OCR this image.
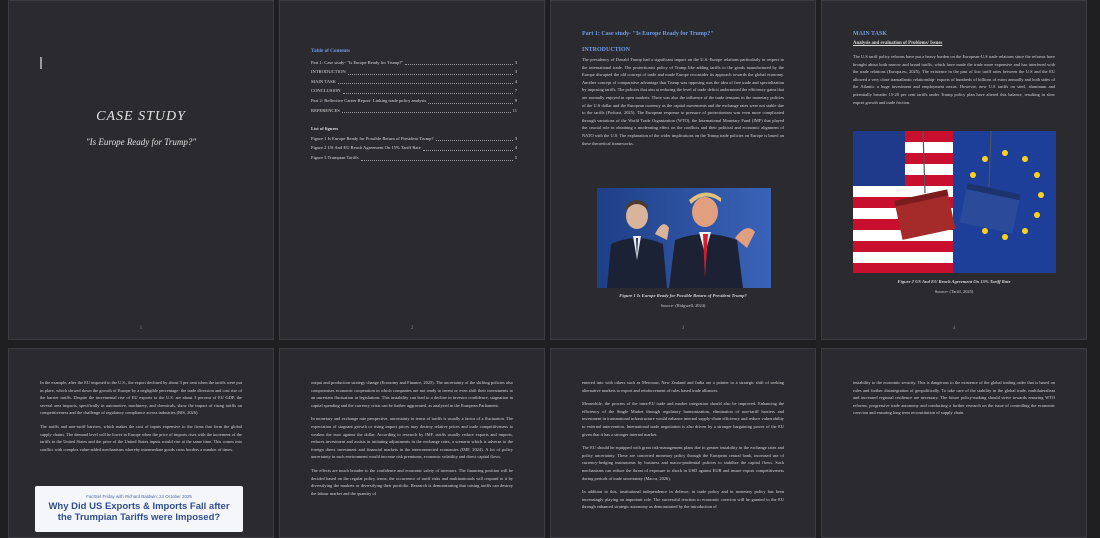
CASE STUDY
"Is Europe Ready for Trump?"
1
Table of Contents
Part 1: Case study- "Is Europe Ready for Trump?"	3
INTRODUCTION	3
MAIN TASK	4
CONCLUSION	7
Part 2: Reflective Career Report- Linking trade policy analysis	9
REFERENCES	11
List of figures
Figure 1 Is Europe Ready for Possible Return of President Trump?	3
Figure 2 US And EU Reach Agreement On 15% Tariff Rate	4
Figure 3 Trumpian Tariffs	5
2
Part 1: Case study- "Is Europe Ready for Trump?"
INTRODUCTION
The presidency of Donald Trump had a significant impact on the U.S.-Europe relations particularly in respect to the international trade. The protectionist policy of Trump like adding tariffs to the goods manufactured by the Europe disrupted the old concept of trade and made Europe reconsider its approach towards the global economy. Another concept of comparative advantage that Trump was opposing was the idea of free trade and specialization by imposing tariffs. The policies that aim at reducing the level of trade deficit undermined the efficiency gains that are normally enjoyed in open markets. There was also the influence of the trade tensions in the monetary policies of the U.S dollar and the European currency as the capital movements and the exchange rates were not stable due to the tariffs (Podcast, 2025). The European response to pressure of protectionism was even more complicated through variations of the World Trade Organization (WTO), the International Monetary Fund (IMF) that played the crucial role in obtaining a moderating effect on the conflicts and their political and economic alignment of NATO with the U.S. The explanation of the wider implications on the Trump trade policies on Europe is based on these theoretical frameworks.
Figure 1 Is Europe Ready for Possible Return of President Trump?
Source- (Ridgwell, 2024)
3
MAIN TASK
Analysis and evaluation of Problems/ Issues
The U.S tariff policy reforms have put a heavy burden on the European-U.S trade relations since the reforms have brought about both narrow and broad tariffs, which have made the trade more expensive and has interfered with the trade relations (Europa.eu, 2025). The existence in the past of low tariff rates between the U.S and the EU allowed a very close transatlantic relationship- exports of hundreds of billions of euros annually and both sides of the Atlantic a huge investment and employment nexus. However, new U.S tariffs on steel, aluminum and potentially broader 15-20 per cent tariffs under Trump policy plan have altered this balance, resulting in slow export growth and trade friction.
Figure 2 US And EU Reach Agreement On 15% Tariff Rate
Source- (Tariff, 2025)
4

In the example, after the EU imposed to the U.S., the export declined by about 3 per cent when the tariffs were put in place, which slowed down the growth of Europe by a negligible percentage- the trade diversion and cost rise of the barrier tariffs. Despite the incremental rise of EU exports to the U.S. are about 3 percent of EU GDP, the several area impacts, specifically in automotive, machinery, and chemicals, show the impact of rising tariffs on competitiveness and the challenge of regulatory compliance across industries (BIS, 2026).

The tariffs and non-tariff barriers, which makes the cost of inputs expensive to the firms that form the global supply chains. The demand level will be lower in Europe when the price of imports rises with the increment of the tariffs in the United States and the price of the United States inputs would rise at the same time. This comes into conflict with complex value-added mechanisms whereby intermediate goods cross borders a number of times.

FactSet Friday with Richard Baldwin: 24 October 2025
Why Did US Exports & Imports Fall after the Trumpian Tariffs were Imposed?

output and production strategy change (Economy and Finance, 2025). The uncertainty of the shifting policies also compromises economic cooperation in which companies are not ready to invest or even shift their investments to an uncertain fluctuation in legislations. This instability can lead to a decline in investor confidence, stagnation in capital spending and the currency crisis can be further aggravated, as analyzed in the European Parliament.

In monetary and exchange rate perspective, uncertainty in terms of tariffs is usually a factor of a fluctuation. The expectation of stagnant growth or rising import prices may destroy relative prices and trade competitiveness to weaken the euro against the dollar. According to research by IMF, tariffs usually reduce exports and imports, reduces investment and assists in initiating adjustments in the exchange rates, a scenario which is adverse to the foreign direct investment and financial markets in the interconnected economies (IMF, 2024). A lot of policy uncertainty in such environment would increase risk premiums, economic volatility and direct capital flows.

The effects are much broader to the confidence and economic safety of investors. The financing position will be decided based on the regular policy terms; the occurrence of tariff risks and multinationals will respond to it by diversifying the markets or diversifying their portfolio. Research is demonstrating that raising tariffs can destroy the labour market and the quantity of

entered into with others such as Mercosur, New Zealand and India are a pointer to a strategic shift of seeking alternative markets to export and reinforcement of rules based trade alliances.

Meanwhile, the process of the intra-EU trade and market integration should also be improved. Enhancing the efficiency of the Single Market through regulatory harmonization, elimination of non-tariff barriers and investment in transnational infrastructure would enhance internal supply-chain efficiency and reduce vulnerability to external intervention. International trade negotiation is also driven by a stronger bargaining power of the EU given that it has a stronger internal market.

The EU should be equipped with great risk-management plans due to greater instability in the exchange rates and policy uncertainty. These are concerted monetary policy through the European central bank, increased use of currency-hedging instruments by business and macro-prudential policies to stabilize the capital flows. Such mechanisms can reduce the threat of exposure to shock in USD against EUR and insure export competitiveness during periods of trade uncertainty (Macca, 2026).

In addition to this, institutional independence in defence, in trade policy and in monetary policy has been increasingly playing an important role. The successful reaction to economic coercion will be granted to the EU through enhanced strategic autonomy as demonstrated by the introduction of

instability to the economic security. This is dangerous to the existence of the global trading order that is based on rules and further disintegration of geopolitically. To take care of the stability in the global trade, multilateralism and increased regional resilience are necessary. The future policy-making should strive towards ensuring WTO reforms, progressive trade autonomy and conducting a further research on the issue of controlling the economic coercion and ensuring long term reconstitution of supply chain.
